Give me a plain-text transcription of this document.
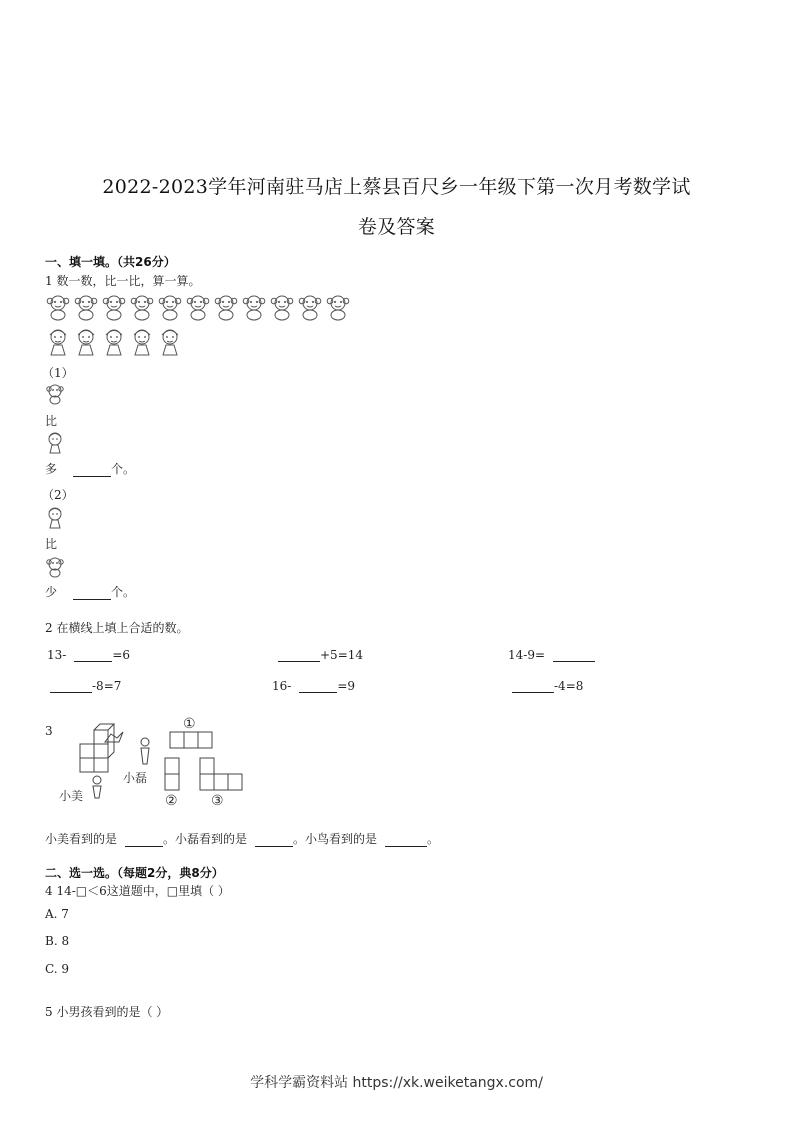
2022-2023学年河南驻马店上蔡县百尺乡一年级下第一次月考数学试
卷及答案
一、填一填。（共26分）
1 数一数，比一比，算一算。
（1）
比
多	个。
（2）
比
少	个。
2 在横线上填上合适的数。
13-	=6	+5=14	14-9=
-8=7	16-	=9	-4=8
3
小美
小磊
①
② ③
小美看到的是	。小磊看到的是	。小鸟看到的是	。
二、选一选。（每题2分，典8分）
4 14-□＜6这道题中，□里填（ ）
A. 7
B. 8
C. 9
5 小男孩看到的是（ ）
学科学霸资料站 https://xk.weiketangx.com/
